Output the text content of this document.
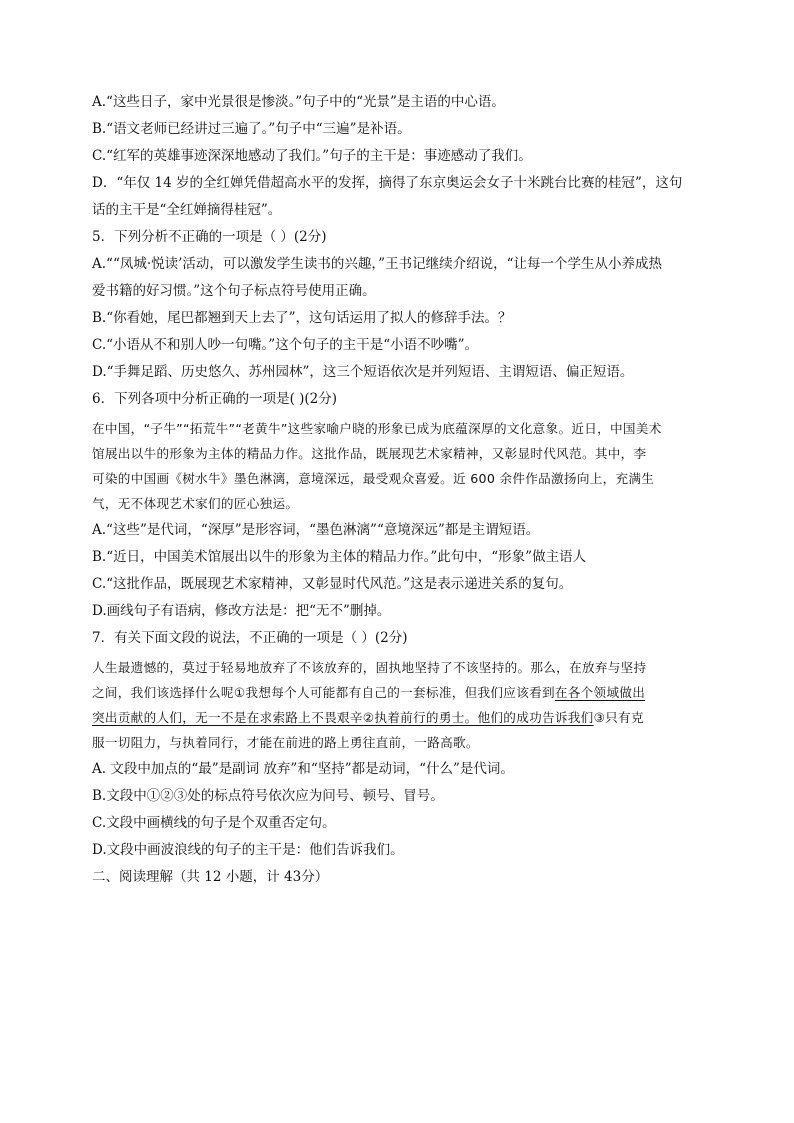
A.“这些日子，家中光景很是惨淡。”句子中的“光景”是主语的中心语。

B.“语文老师已经讲过三遍了。”句子中“三遍”是补语。

C.“红军的英雄事迹深深地感动了我们。”句子的主干是：事迹感动了我们。

D．“年仅 14 岁的全红婵凭借超高水平的发挥，摘得了东京奥运会女子十米跳台比赛的桂冠”，这句

话的主干是“全红婵摘得桂冠”。

5．下列分析不正确的一项是（ ）(2分)

A.““凤城·悦读’活动，可以激发学生读书的兴趣，”王书记继续介绍说，“让每一个学生从小养成热

爱书籍的好习惯。”这个句子标点符号使用正确。

B.“你看她，尾巴都翘到天上去了”，这句话运用了拟人的修辞手法。？

C.“小语从不和别人吵一句嘴。”这个句子的主干是“小语不吵嘴”。

D.“手舞足蹈、历史悠久、苏州园林”，这三个短语依次是并列短语、主谓短语、偏正短语。

6．下列各项中分析正确的一项是( )(2分)

在中国，“子牛”“拓荒牛”“老黄牛”这些家喻户晓的形象已成为底蕴深厚的文化意象。近日，中国美术

馆展出以牛的形象为主体的精品力作。这批作品，既展现艺术家精神，又彰显时代风范。其中，李

可染的中国画《树水牛》墨色淋漓，意境深远，最受观众喜爱。近 600 余件作品激扬向上，充满生

气，无不体现艺术家们的匠心独运。

A.“这些”是代词，“深厚”是形容词，“墨色淋漓”“意境深远”都是主谓短语。

B.“近日，中国美术馆展出以牛的形象为主体的精品力作。”此句中，“形象”做主语人

C.“这批作品，既展现艺术家精神，又彰显时代风范。”这是表示递进关系的复句。

D.画线句子有语病，修改方法是：把“无不”删掉。

7．有关下面文段的说法，不正确的一项是（ ）(2分)

人生最遗憾的，莫过于轻易地放弃了不该放弃的，固执地坚持了不该坚持的。那么，在放弃与坚持

之间，我们该选择什么呢①我想每个人可能都有自己的一套标准，但我们应该看到在各个领域做出

突出贡献的人们，无一不是在求索路上不畏艰辛②执着前行的勇士。他们的成功告诉我们③只有克

服一切阻力，与执着同行，才能在前进的路上勇往直前，一路高歌。

A. 文段中加点的“最”是副词 放弃”和“坚持”都是动词，“什么”是代词。

B.文段中①②③处的标点符号依次应为问号、顿号、冒号。

C.文段中画横线的句子是个双重否定句。

D.文段中画波浪线的句子的主干是：他们告诉我们。

二、阅读理解（共 12 小题，计 43分）
